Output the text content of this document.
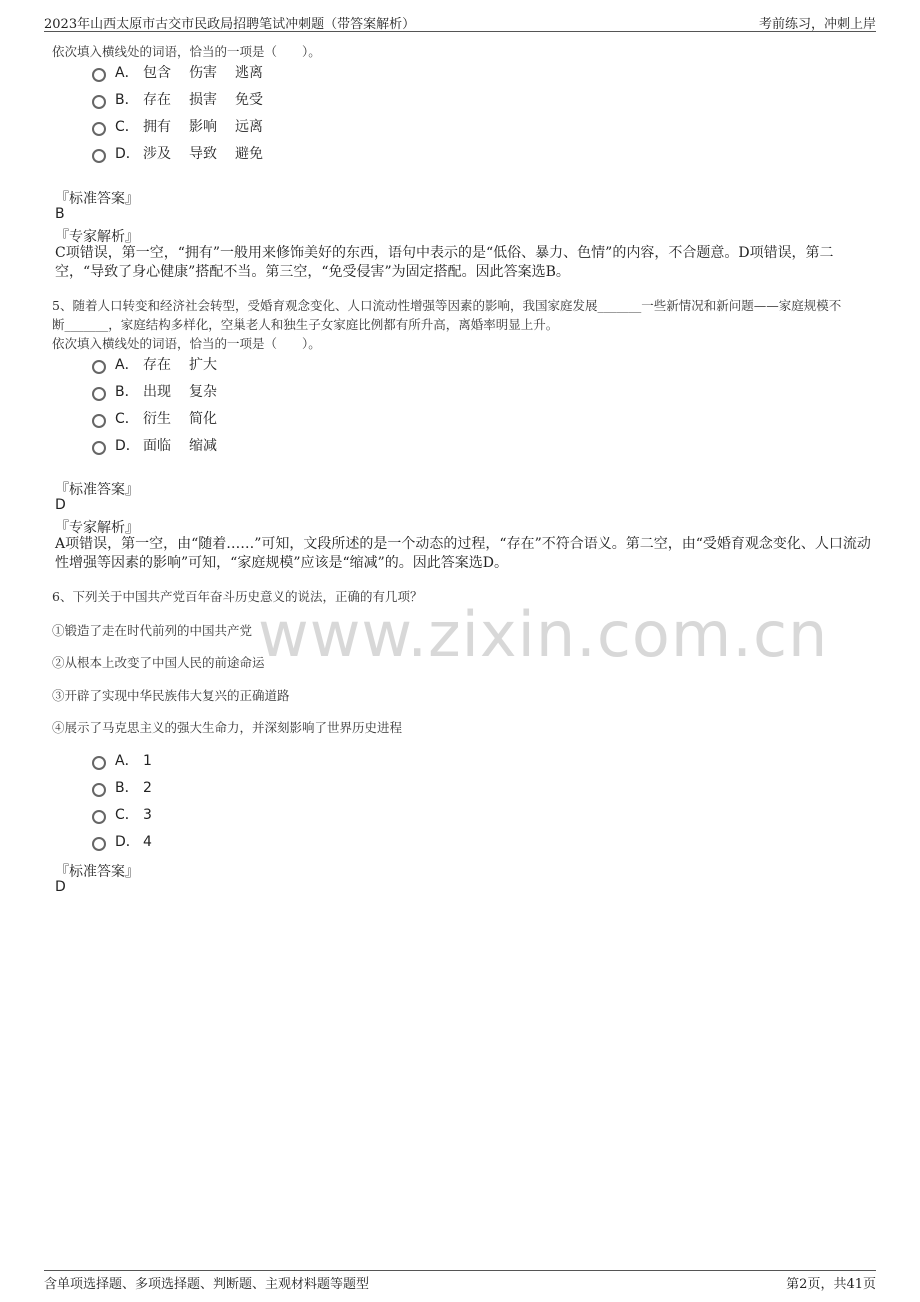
2023年山西太原市古交市民政局招聘笔试冲刺题（带答案解析）	考前练习，冲刺上岸
www.zixin.com.cn
依次填入横线处的词语，恰当的一项是（　　）。
A． 包含 伤害 逃离
B． 存在 损害 免受
C． 拥有 影响 远离
D． 涉及 导致 避免
『标准答案』
B
『专家解析』
C项错误，第一空，“拥有”一般用来修饰美好的东西，语句中表示的是“低俗、暴力、色情”的内容，不合题意。D项错误，第二空，“导致了身心健康”搭配不当。第三空，“免受侵害”为固定搭配。因此答案选B。
5、随着人口转变和经济社会转型，受婚育观念变化、人口流动性增强等因素的影响，我国家庭发展_______一些新情况和新问题——家庭规模不
断_______，家庭结构多样化，空巢老人和独生子女家庭比例都有所升高，离婚率明显上升。
依次填入横线处的词语，恰当的一项是（　　）。
A． 存在 扩大
B． 出现 复杂
C． 衍生 简化
D． 面临 缩减
『标准答案』
D
『专家解析』
A项错误，第一空，由“随着……”可知，文段所述的是一个动态的过程，“存在”不符合语义。第二空，由“受婚育观念变化、人口流动性增强等因素的影响”可知，“家庭规模”应该是“缩减”的。因此答案选D。
6、下列关于中国共产党百年奋斗历史意义的说法，正确的有几项？
①锻造了走在时代前列的中国共产党
②从根本上改变了中国人民的前途命运
③开辟了实现中华民族伟大复兴的正确道路
④展示了马克思主义的强大生命力，并深刻影响了世界历史进程
A． 1
B． 2
C． 3
D． 4
『标准答案』
D
含单项选择题、多项选择题、判断题、主观材料题等题型	第2页，共41页
